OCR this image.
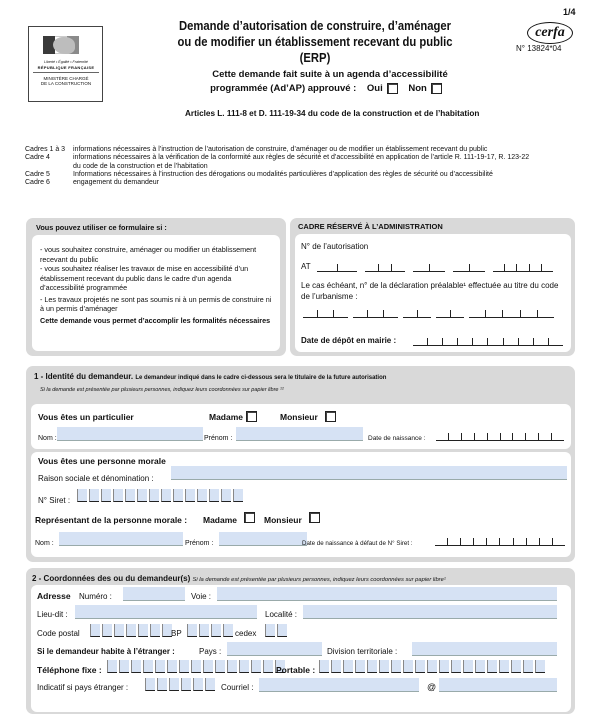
1/4
Liberté • Égalité • Fraternité
RÉPUBLIQUE FRANÇAISE
MINISTÈRE CHARGÉ
DE LA CONSTRUCTION
Demande d’autorisation de construire, d’aménager
ou de modifier un établissement recevant du public (ERP)
cerfa
N° 13824*04
Cette demande fait suite à un agenda d’accessibilité
programmée (Ad’AP) approuvé : Oui	Non
Articles L. 111-8 et D. 111-19-34 du code de la construction et de l’habitation
Cadres 1 à 3	informations nécessaires à l’instruction de l’autorisation de construire, d’aménager ou de modifier un établissement recevant du public
Cadre 4	informations nécessaires à la vérification de la conformité aux règles de sécurité et d’accessibilité en application de l’article R. 111-19-17, R. 123-22
du code de la construction et de l’habitation
Cadre 5	Informations nécessaires à l’instruction des dérogations ou modalités particulières d’application des règles de sécurité ou d’accessibilité
Cadre 6	engagement du demandeur
Vous pouvez utiliser ce formulaire si :
- vous souhaitez construire, aménager ou modifier un établissement recevant du public
- vous souhaitez réaliser les travaux de mise en accessibilité d’un établissement recevant du public dans le cadre d’un agenda d’accessibilité programmée
- Les travaux projetés ne sont pas soumis ni à un permis de construire ni à un permis d’aménager
Cette demande vous permet d’accomplir les formalités nécessaires
CADRE RÉSERVÉ À L’ADMINISTRATION
N° de l’autorisation
AT
Le cas échéant, n° de la déclaration préalable¹ effectuée au titre du code de l’urbanisme :
Date de dépôt en mairie :
1 - Identité du demandeur. Le demandeur indiqué dans le cadre ci-dessous sera le titulaire de la future autorisation
Si la demande est présentée par plusieurs personnes, indiquez leurs coordonnées sur papier libre ¹²
Vous êtes un particulier	Madame	Monsieur
Nom :	Prénom :	Date de naissance :
Vous êtes une personne morale
Raison sociale et dénomination :
N° Siret :
Représentant de la personne morale : Madame	Monsieur
Nom :	Prénom :	Date de naissance à défaut de N° Siret :
2 - Coordonnées des ou du demandeur(s) Si la demande est présentée par plusieurs personnes, indiquez leurs coordonnées sur papier libre¹
Adresse Numéro :	Voie :
Lieu-dit :	Localité :
Code postal	BP	cedex
Si le demandeur habite à l’étranger :	Pays :	Division territoriale :
Téléphone fixe :	Portable :
Indicatif si pays étranger :	Courriel :	@
